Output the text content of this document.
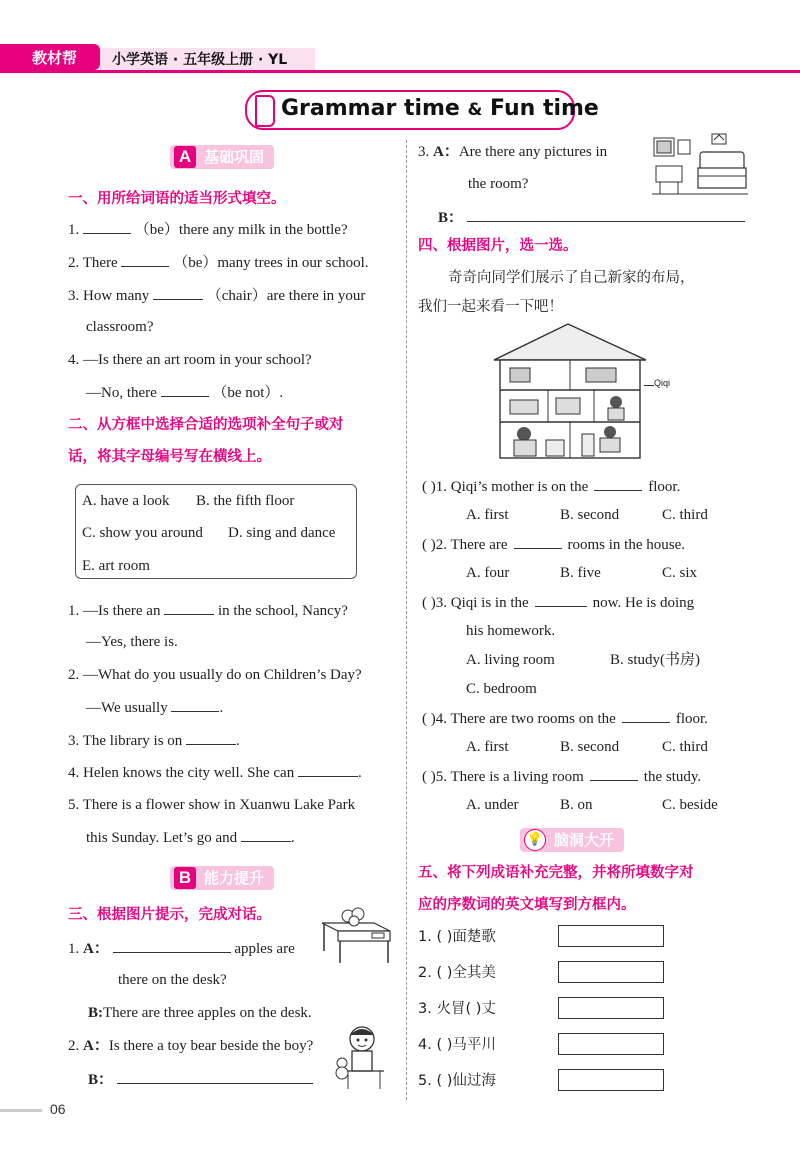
教材帮 小学英语 · 五年级上册 · YL
Grammar time & Fun time
A 基础巩固
一、用所给词语的适当形式填空。
1.	（be）there any milk in the bottle?
2. There	（be）many trees in our school.
3. How many	（chair）are there in your
classroom?
4. —Is there an art room in your school?
—No, there	（be not）.
二、从方框中选择合适的选项补全句子或对
话，将其字母编号写在横线上。
A. have a look B. the fifth floor
C. show you around D. sing and dance
E. art room
1. —Is there an	in the school, Nancy?
—Yes, there is.
2. —What do you usually do on Children’s Day?
—We usually	.
3. The library is on	.
4. Helen knows the city well. She can	.
5. There is a flower show in Xuanwu Lake Park
this Sunday. Let’s go and	.
B 能力提升
三、根据图片提示，完成对话。
1. A：	apples are
there on the desk?
B:There are three apples on the desk.
2. A：Is there a toy bear beside the boy?
B：
3. A：Are there any pictures in
the room?
B：
四、根据图片，选一选。
奇奇向同学们展示了自己新家的布局，
我们一起来看一下吧！
Qiqi
( )1. Qiqi’s mother is on the	floor.
A. first	B. second	C. third
( )2. There are	rooms in the house.
A. four	B. five	C. six
( )3. Qiqi is in the	now. He is doing
his homework.
A. living room	B. study(书房)
C. bedroom
( )4. There are two rooms on the	floor.
A. first	B. second	C. third
( )5. There is a living room	the study.
A. under	B. on	C. beside
💡 脑洞大开
五、将下列成语补充完整，并将所填数字对
应的序数词的英文填写到方框内。
1. ( )面楚歌
2. ( )全其美
3. 火冒( )丈
4. ( )马平川
5. ( )仙过海
06
